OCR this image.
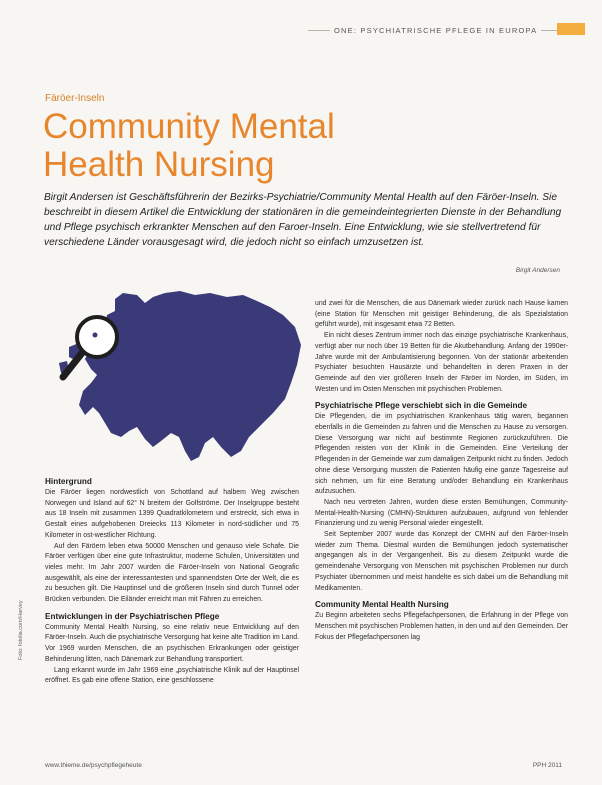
ONE: PSYCHIATRISCHE PFLEGE IN EUROPA
Färöer-Inseln
Community Mental
Health Nursing
Birgit Andersen ist Geschäftsführerin der Bezirks-Psychiatrie/Community Mental Health auf den Färöer-Inseln. Sie beschreibt in diesem Artikel die Entwicklung der stationären in die gemeindeintegrierten Dienste in der Behandlung und Pflege psychisch erkrankter Menschen auf den Faroer-Inseln. Eine Entwicklung, wie sie stellvertretend für verschiedene Länder vorausgesagt wird, die jedoch nicht so einfach umzusetzen ist.
Birgit Andersen
Hintergrund

Die Färöer liegen nordwestlich von Schottland auf halbem Weg zwischen Norwegen und Island auf 62° N breitem der Golfströme. Der Inselgruppe besteht aus 18 Inseln mit zusammen 1399 Quadratkilometern und erstreckt, sich etwa in Gestalt eines aufgehobenen Dreiecks 113 Kilometer in nord-südlicher und 75 Kilometer in ost-westlicher Richtung.

Auf den Färöern leben etwa 50000 Menschen und genauso viele Schafe. Die Färöer verfügen über eine gute Infrastruktur, moderne Schulen, Universitäten und vieles mehr. Im Jahr 2007 wurden die Färöer-Inseln von National Geografic ausgewählt, als eine der interessantesten und spannendsten Orte der Welt, die es zu besuchen gilt. Die Hauptinsel und die größeren Inseln sind durch Tunnel oder Brücken verbunden. Die Eiländer erreicht man mit Fähren zu erreichen.

Entwicklungen in der Psychiatrischen Pflege

Community Mental Health Nursing, so eine relativ neue Entwicklung auf den Färöer-Inseln. Auch die psychiatrische Versorgung hat keine alte Tradition im Land. Vor 1969 wurden Menschen, die an psychischen Erkrankungen oder geistiger Behinderung litten, nach Dänemark zur Behandlung transportiert.

Lang erkannt wurde im Jahr 1969 eine „psychiatrische Klinik auf der Hauptinsel eröffnet. Es gab eine offene Station, eine geschlossene

und zwei für die Menschen, die aus Dänemark wieder zurück nach Hause kamen (eine Station für Menschen mit geistiger Behinderung, die als Spezialstation geführt wurde), mit insgesamt etwa 72 Betten.

Ein nicht dieses Zentrum immer noch das einzige psychiatrische Krankenhaus, verfügt aber nur noch über 19 Betten für die Akutbehandlung. Anfang der 1990er-Jahre wurde mit der Ambulantisierung begonnen. Von der stationär arbeitenden Psychiater besuchten Hausärzte und behandelten in deren Praxen in der Gemeinde auf den vier größeren Inseln der Färöer im Norden, im Süden, im Westen und im Osten Menschen mit psychischen Problemen.

Psychiatrische Pflege verschiebt sich in die Gemeinde

Die Pflegenden, die im psychiatrischen Krankenhaus tätig waren, begannen ebenfalls in die Gemeinden zu fahren und die Menschen zu Hause zu versorgen. Diese Versorgung war nicht auf bestimmte Regionen zurückzuführen. Die Pflegenden reisten von der Klinik in die Gemeinden. Eine Verteilung der Pflegenden in der Gemeinde war zum damaligen Zeitpunkt nicht zu finden. Jedoch ohne diese Versorgung mussten die Patienten häufig eine ganze Tagesreise auf sich nehmen, um für eine Beratung und/oder Behandlung ein Krankenhaus aufzusuchen.

Nach neu vertreten Jahren, wurden diese ersten Bemühungen, Community-Mental-Health-Nursing (CMHN)-Strukturen aufzubauen, aufgrund von fehlender Finanzierung und zu wenig Personal wieder eingestellt.

Seit September 2007 wurde das Konzept der CMHN auf den Färöer-Inseln wieder zum Thema. Diesmal wurden die Bemühungen jedoch systematischer angegangen als in der Vergangenheit. Bis zu diesem Zeitpunkt wurde die gemeindenahe Versorgung von Menschen mit psychischen Problemen nur durch Psychiater übernommen und meist handelte es sich dabei um die Behandlung mit Medikamenten.

Community Mental Health Nursing

Zu Beginn arbeiteten sechs Pflegefachpersonen, die Erfahrung in der Pflege von Menschen mit psychischen Problemen hatten, in den und auf den Gemeinden. Der Fokus der Pflegefachpersonen lag

Foto: fotolia.com/Harvey
www.thieme.de/psychpflegeheute	PPH 2011
